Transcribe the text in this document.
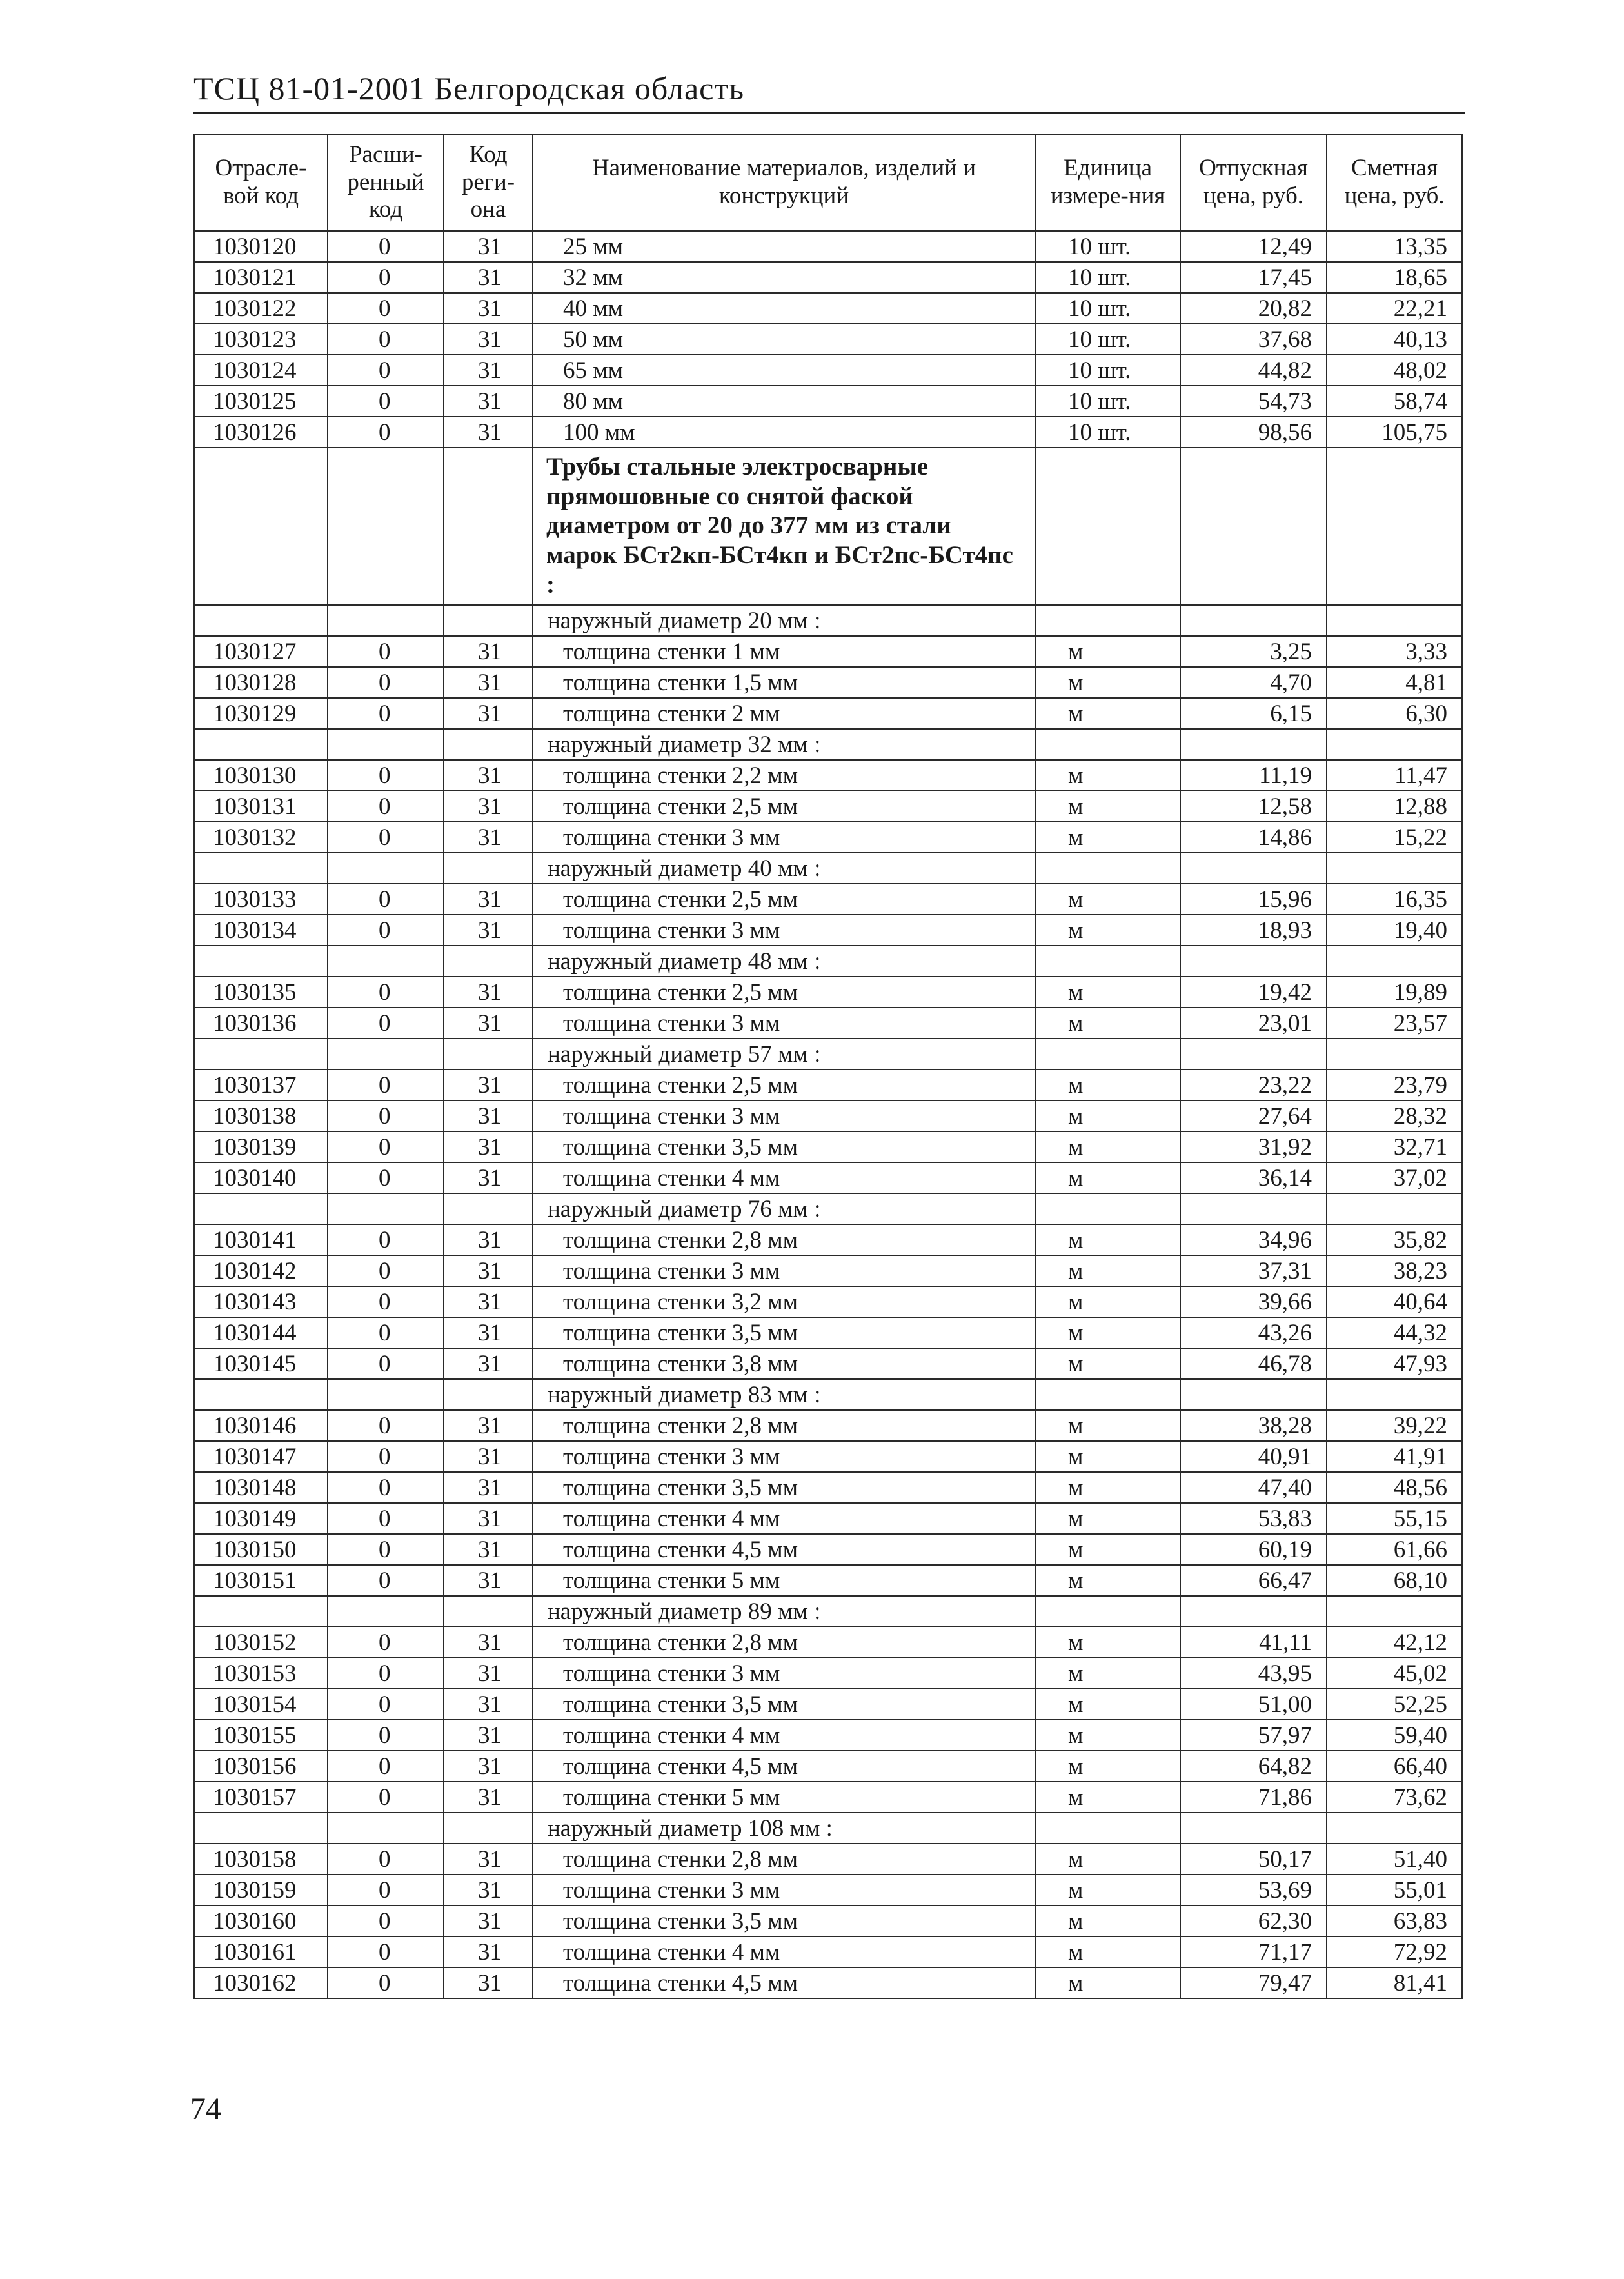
ТСЦ 81-01-2001 Белгородская область
Отрасле-вой код	Расши-ренный код	Код реги-она	Наименование материалов, изделий и конструкций	Единица измере-ния	Отпускная цена, руб.	Сметная цена, руб.
1030120	0	31	25 мм	10 шт.	12,49	13,35
1030121	0	31	32 мм	10 шт.	17,45	18,65
1030122	0	31	40 мм	10 шт.	20,82	22,21
1030123	0	31	50 мм	10 шт.	37,68	40,13
1030124	0	31	65 мм	10 шт.	44,82	48,02
1030125	0	31	80 мм	10 шт.	54,73	58,74
1030126	0	31	100 мм	10 шт.	98,56	105,75
			Трубы стальные электросварные прямошовные со снятой фаской диаметром от 20 до 377 мм из стали марок БСт2кп-БСт4кп и БСт2пс-БСт4пс :			
			наружный диаметр 20 мм :			
1030127	0	31	толщина стенки 1 мм	м	3,25	3,33
1030128	0	31	толщина стенки 1,5 мм	м	4,70	4,81
1030129	0	31	толщина стенки 2 мм	м	6,15	6,30
			наружный диаметр 32 мм :			
1030130	0	31	толщина стенки 2,2 мм	м	11,19	11,47
1030131	0	31	толщина стенки 2,5 мм	м	12,58	12,88
1030132	0	31	толщина стенки 3 мм	м	14,86	15,22
			наружный диаметр 40 мм :			
1030133	0	31	толщина стенки 2,5 мм	м	15,96	16,35
1030134	0	31	толщина стенки 3 мм	м	18,93	19,40
			наружный диаметр 48 мм :			
1030135	0	31	толщина стенки 2,5 мм	м	19,42	19,89
1030136	0	31	толщина стенки 3 мм	м	23,01	23,57
			наружный диаметр 57 мм :			
1030137	0	31	толщина стенки 2,5 мм	м	23,22	23,79
1030138	0	31	толщина стенки 3 мм	м	27,64	28,32
1030139	0	31	толщина стенки 3,5 мм	м	31,92	32,71
1030140	0	31	толщина стенки 4 мм	м	36,14	37,02
			наружный диаметр 76 мм :			
1030141	0	31	толщина стенки 2,8 мм	м	34,96	35,82
1030142	0	31	толщина стенки 3 мм	м	37,31	38,23
1030143	0	31	толщина стенки 3,2 мм	м	39,66	40,64
1030144	0	31	толщина стенки 3,5 мм	м	43,26	44,32
1030145	0	31	толщина стенки 3,8 мм	м	46,78	47,93
			наружный диаметр 83 мм :			
1030146	0	31	толщина стенки 2,8 мм	м	38,28	39,22
1030147	0	31	толщина стенки 3 мм	м	40,91	41,91
1030148	0	31	толщина стенки 3,5 мм	м	47,40	48,56
1030149	0	31	толщина стенки 4 мм	м	53,83	55,15
1030150	0	31	толщина стенки 4,5 мм	м	60,19	61,66
1030151	0	31	толщина стенки 5 мм	м	66,47	68,10
			наружный диаметр 89 мм :			
1030152	0	31	толщина стенки 2,8 мм	м	41,11	42,12
1030153	0	31	толщина стенки 3 мм	м	43,95	45,02
1030154	0	31	толщина стенки 3,5 мм	м	51,00	52,25
1030155	0	31	толщина стенки 4 мм	м	57,97	59,40
1030156	0	31	толщина стенки 4,5 мм	м	64,82	66,40
1030157	0	31	толщина стенки 5 мм	м	71,86	73,62
			наружный диаметр 108 мм :			
1030158	0	31	толщина стенки 2,8 мм	м	50,17	51,40
1030159	0	31	толщина стенки 3 мм	м	53,69	55,01
1030160	0	31	толщина стенки 3,5 мм	м	62,30	63,83
1030161	0	31	толщина стенки 4 мм	м	71,17	72,92
1030162	0	31	толщина стенки 4,5 мм	м	79,47	81,41
74
